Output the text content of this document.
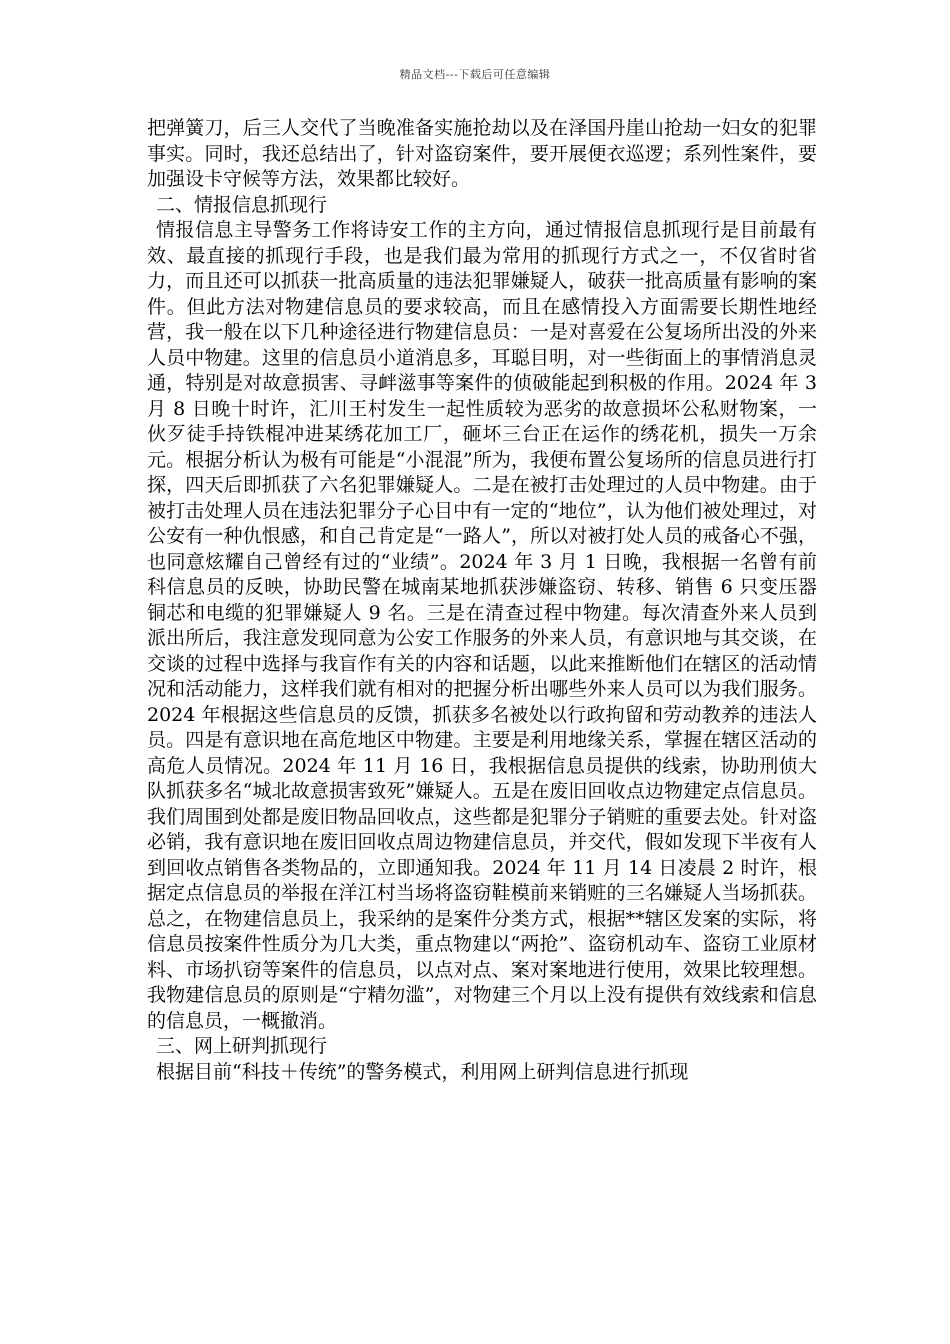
精品文档---下载后可任意编辑

把弹簧刀，后三人交代了当晚准备实施抢劫以及在泽国丹崖山抢劫一妇女的犯罪事实。同时，我还总结出了，针对盗窃案件，要开展便衣巡逻；系列性案件，要加强设卡守候等方法，效果都比较好。

二、情报信息抓现行

情报信息主导警务工作将诗安工作的主方向，通过情报信息抓现行是目前最有效、最直接的抓现行手段，也是我们最为常用的抓现行方式之一，不仅省时省力，而且还可以抓获一批高质量的违法犯罪嫌疑人，破获一批高质量有影响的案件。但此方法对物建信息员的要求较高，而且在感情投入方面需要长期性地经营，我一般在以下几种途径进行物建信息员：一是对喜爱在公复场所出没的外来人员中物建。这里的信息员小道消息多，耳聪目明，对一些街面上的事情消息灵通，特别是对故意损害、寻衅滋事等案件的侦破能起到积极的作用。2024 年 3 月 8 日晚十时许，汇川王村发生一起性质较为恶劣的故意损坏公私财物案，一伙歹徒手持铁棍冲进某绣花加工厂，砸坏三台正在运作的绣花机，损失一万余元。根据分析认为极有可能是“小混混”所为，我便布置公复场所的信息员进行打探，四天后即抓获了六名犯罪嫌疑人。二是在被打击处理过的人员中物建。由于被打击处理人员在违法犯罪分子心目中有一定的“地位”，认为他们被处理过，对公安有一种仇恨感，和自己肯定是“一路人”，所以对被打处人员的戒备心不强，也同意炫耀自己曾经有过的“业绩”。2024 年 3 月 1 日晚，我根据一名曾有前科信息员的反映，协助民警在城南某地抓获涉嫌盗窃、转移、销售 6 只变压器铜芯和电缆的犯罪嫌疑人 9 名。三是在清查过程中物建。每次清查外来人员到派出所后，我注意发现同意为公安工作服务的外来人员，有意识地与其交谈，在交谈的过程中选择与我盲作有关的内容和话题，以此来推断他们在辖区的活动情况和活动能力，这样我们就有相对的把握分析出哪些外来人员可以为我们服务。2024 年根据这些信息员的反馈，抓获多名被处以行政拘留和劳动教养的违法人员。四是有意识地在高危地区中物建。主要是利用地缘关系，掌握在辖区活动的高危人员情况。2024 年 11 月 16 日，我根据信息员提供的线索，协助刑侦大队抓获多名“城北故意损害致死”嫌疑人。五是在废旧回收点边物建定点信息员。我们周围到处都是废旧物品回收点，这些都是犯罪分子销赃的重要去处。针对盗必销，我有意识地在废旧回收点周边物建信息员，并交代，假如发现下半夜有人到回收点销售各类物品的，立即通知我。2024 年 11 月 14 日凌晨 2 时许，根据定点信息员的举报在洋江村当场将盗窃鞋模前来销赃的三名嫌疑人当场抓获。总之，在物建信息员上，我采纳的是案件分类方式，根据**辖区发案的实际，将信息员按案件性质分为几大类，重点物建以“两抢”、盗窃机动车、盗窃工业原材料、市场扒窃等案件的信息员，以点对点、案对案地进行使用，效果比较理想。我物建信息员的原则是“宁精勿滥”，对物建三个月以上没有提供有效线索和信息的信息员，一概撤消。

三、网上研判抓现行

根据目前“科技＋传统”的警务模式，利用网上研判信息进行抓现
